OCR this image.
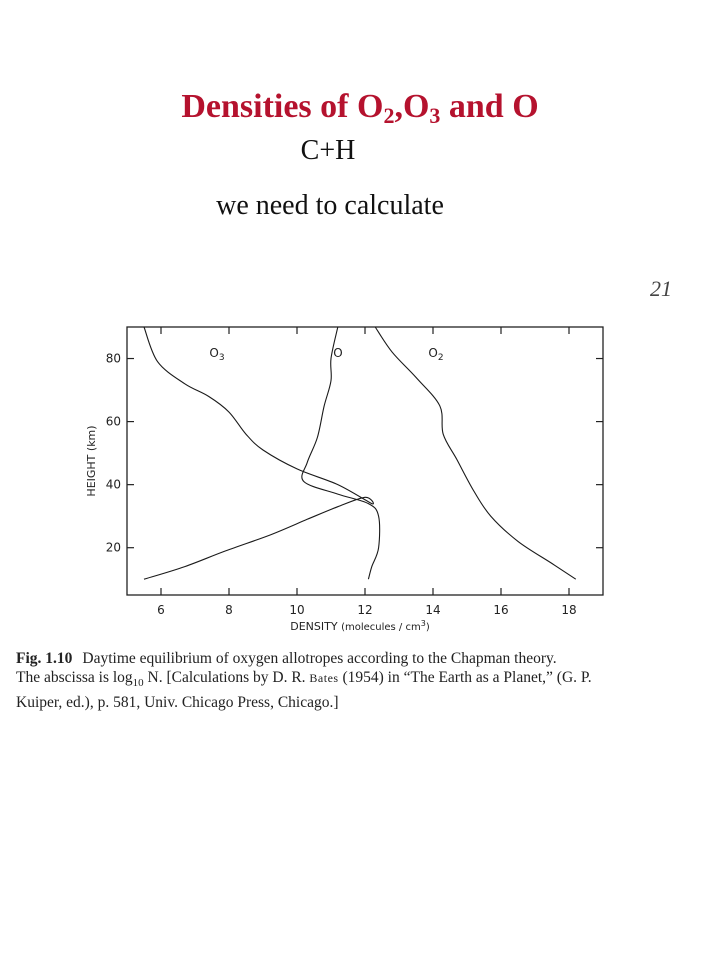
Densities of $O_2,O_3$ and O
C+H
we need to calculate
21
6	8	10	12	14	16	18
20
40
60
80
DENSITY (molecules / $cm^3$)
HEIGHT (km)
$O_3$	O	$O_2$
Fig. 1.10 Daytime equilibrium of oxygen allotropes according to the Chapman theory.
The abscissa is $\log_{10} N$. [Calculations by D. R. Bates (1954) in “The Earth as a Planet,” (G. P.
Kuiper, ed.), p. 581, Univ. Chicago Press, Chicago.]
